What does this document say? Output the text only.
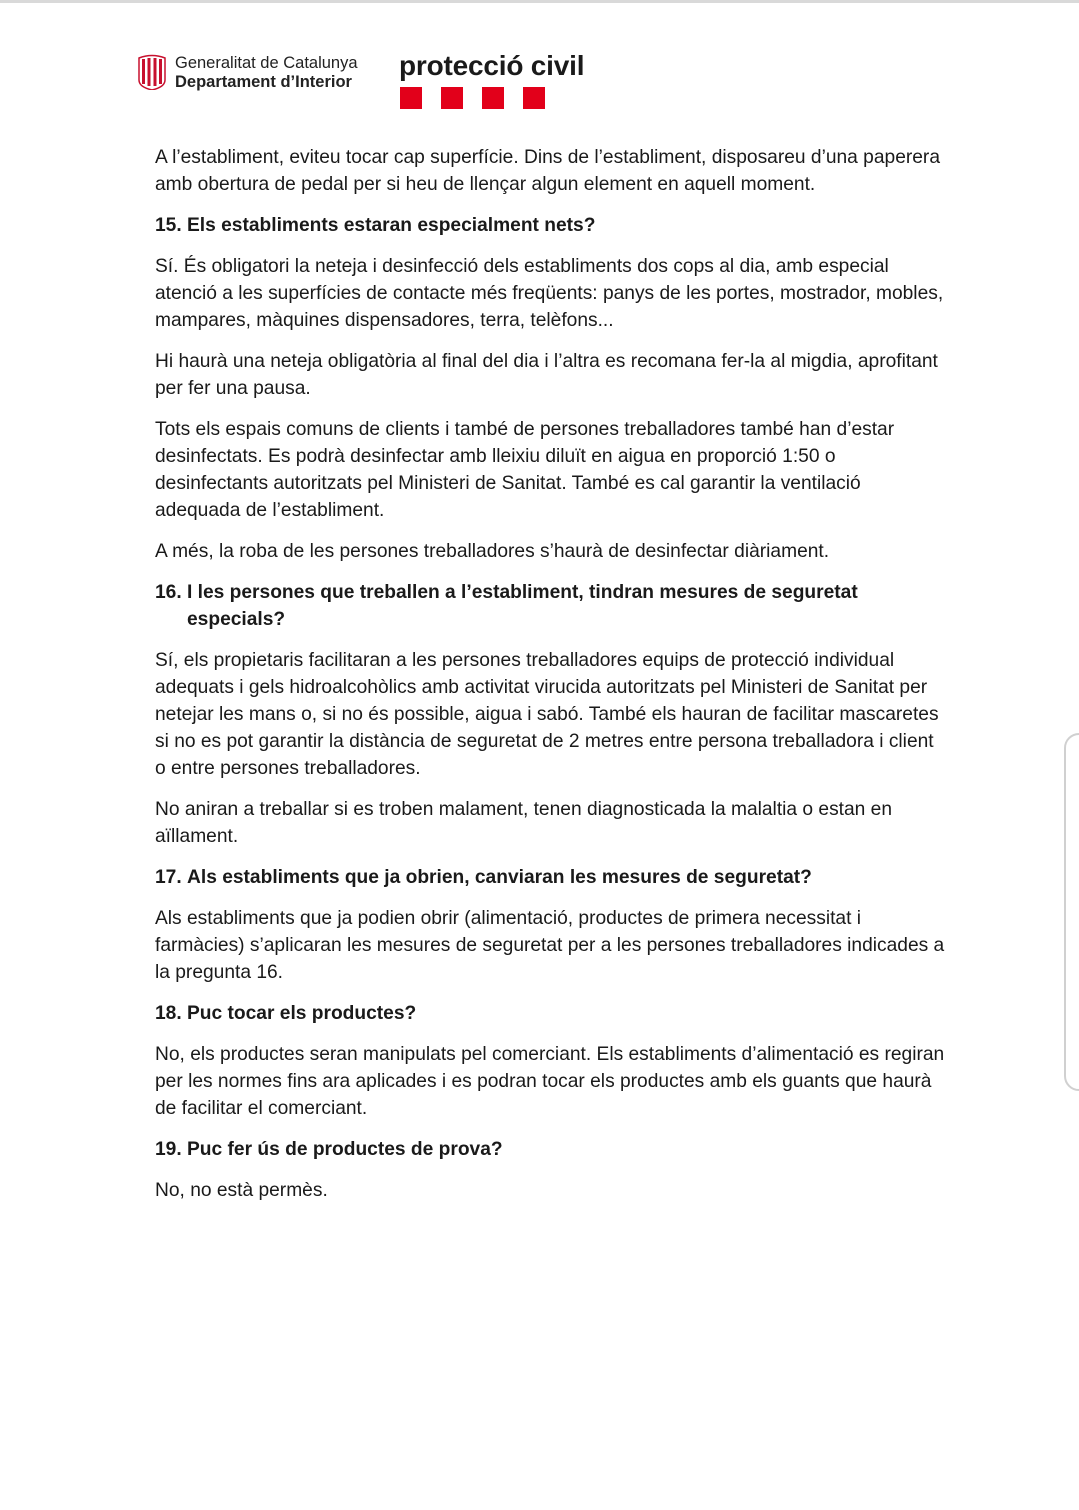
Generalitat de Catalunya
Departament d’Interior
protecció civil

A l’establiment, eviteu tocar cap superfície. Dins de l’establiment, disposareu d’una paperera amb obertura de pedal per si heu de llençar algun element en aquell moment.

15. Els establiments estaran especialment nets?

Sí. És obligatori la neteja i desinfecció dels establiments dos cops al dia, amb especial atenció a les superfícies de contacte més freqüents: panys de les portes, mostrador, mobles, mampares, màquines dispensadores, terra, telèfons...

Hi haurà una neteja obligatòria al final del dia i l’altra es recomana fer-la al migdia, aprofitant per fer una pausa.

Tots els espais comuns de clients i també de persones treballadores també han d’estar desinfectats. Es podrà desinfectar amb lleixiu diluït en aigua en proporció 1:50 o desinfectants autoritzats pel Ministeri de Sanitat. També es cal garantir la ventilació adequada de l’establiment.

A més, la roba de les persones treballadores s’haurà de desinfectar diàriament.

16. I les persones que treballen a l’establiment, tindran mesures de seguretat especials?

Sí, els propietaris facilitaran a les persones treballadores equips de protecció individual adequats i gels hidroalcohòlics amb activitat virucida autoritzats pel Ministeri de Sanitat per netejar les mans o, si no és possible, aigua i sabó. També els hauran de facilitar mascaretes si no es pot garantir la distància de seguretat de 2 metres entre persona treballadora i client o entre persones treballadores.

No aniran a treballar si es troben malament, tenen diagnosticada la malaltia o estan en aïllament.

17. Als establiments que ja obrien, canviaran les mesures de seguretat?

Als establiments que ja podien obrir (alimentació, productes de primera necessitat i farmàcies) s’aplicaran les mesures de seguretat per a les persones treballadores indicades a la pregunta 16.

18. Puc tocar els productes?

No, els productes seran manipulats pel comerciant. Els establiments d’alimentació es regiran per les normes fins ara aplicades i es podran tocar els productes amb els guants que haurà de facilitar el comerciant.

19. Puc fer ús de productes de prova?

No, no està permès.
